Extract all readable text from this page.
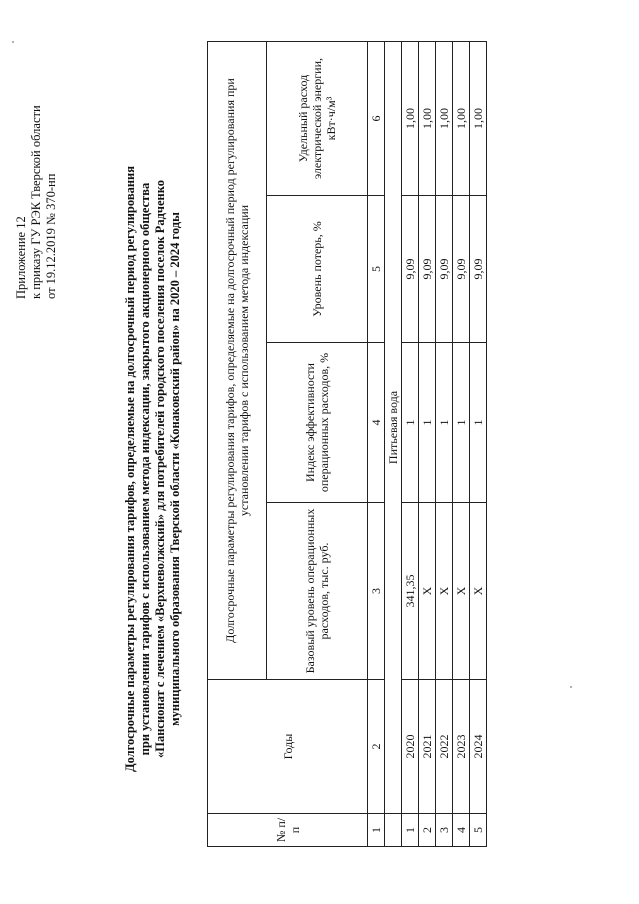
Приложение 12 к приказу ГУ РЭК Тверской области от 19.12.2019 № 370-нп	Долгосрочные параметры регулирования тарифов, определяемые на долгосрочный период регулирования при установлении тарифов с использованием метода индексации, закрытого акционерного общества «Пансионат с лечением «Верхневолжский» для потребителей городского поселения поселок Радченко муниципального образования Тверской области «Конаковский район» на 2020 – 2024 годы
№ п/п	Годы	Долгосрочные параметры регулирования тарифов, определяемые на долгосрочный период регулирования при установлении тарифов с использованием метода индексации			
		Базовый уровень операционных расходов, тыс. руб.	Индекс эффективности операционных расходов, %	Уровень потерь, %	Удельный расход электрической энергии, кВт·ч/м³
1	2	3	4	5	6
	Питьевая вода				
1	2020	341,35	1	9,09	1,00
2	2021	Х	1	9,09	1,00
3	2022	Х	1	9,09	1,00
4	2023	Х	1	9,09	1,00
5	2024	Х	1	9,09	1,00
